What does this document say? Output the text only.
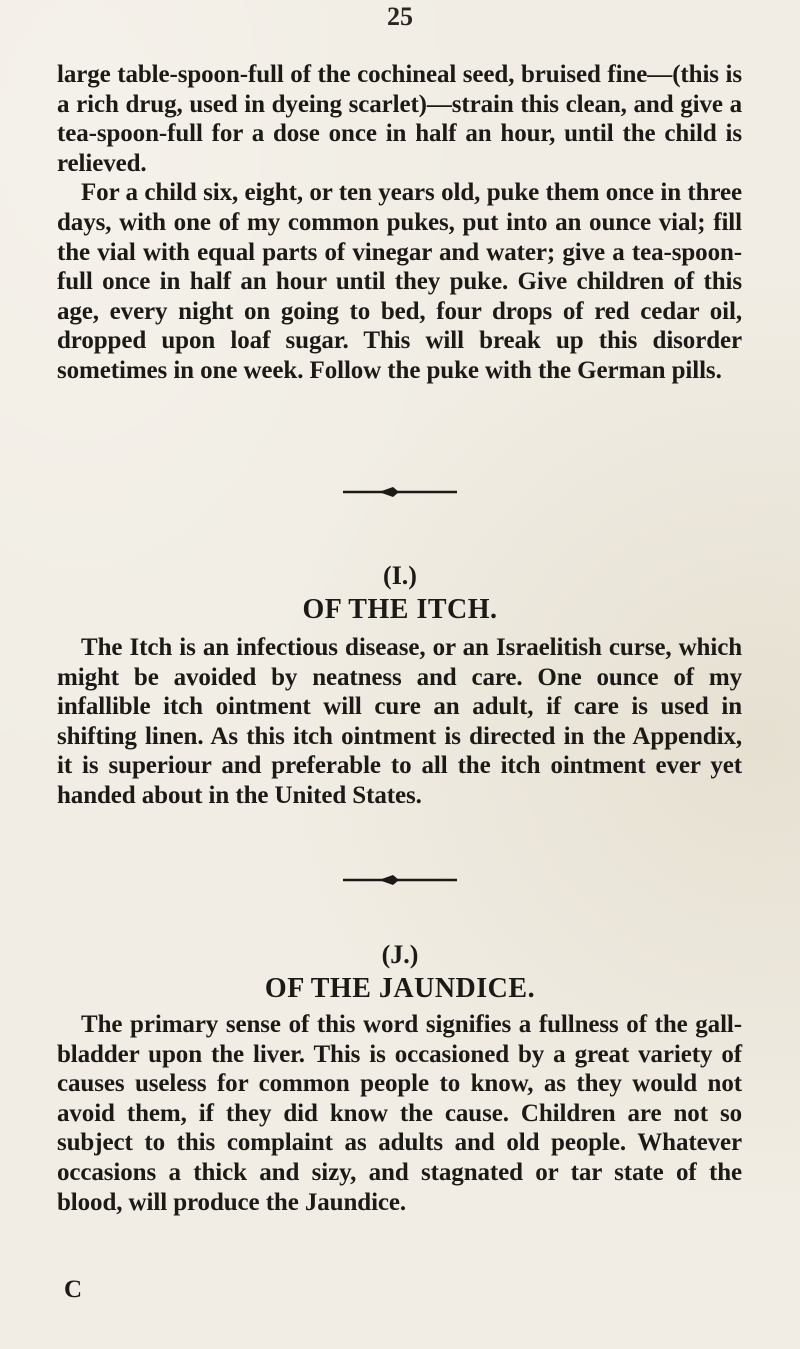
25

large table-spoon-full of the cochineal seed, bruised fine—(this is a rich drug, used in dyeing scarlet)—strain this clean, and give a tea-spoon-full for a dose once in half an hour, until the child is relieved.

For a child six, eight, or ten years old, puke them once in three days, with one of my common pukes, put into an ounce vial; fill the vial with equal parts of vinegar and water; give a tea-spoon-full once in half an hour until they puke. Give children of this age, every night on going to bed, four drops of red cedar oil, dropped upon loaf sugar. This will break up this disorder sometimes in one week. Follow the puke with the German pills.

(I.)
OF THE ITCH.

The Itch is an infectious disease, or an Israelitish curse, which might be avoided by neatness and care. One ounce of my infallible itch ointment will cure an adult, if care is used in shifting linen. As this itch ointment is directed in the Appendix, it is superiour and preferable to all the itch ointment ever yet handed about in the United States.

(J.)
OF THE JAUNDICE.

The primary sense of this word signifies a fullness of the gall-bladder upon the liver. This is occasioned by a great variety of causes useless for common people to know, as they would not avoid them, if they did know the cause. Children are not so subject to this complaint as adults and old people. Whatever occasions a thick and sizy, and stagnated or tar state of the blood, will produce the Jaundice.

C
